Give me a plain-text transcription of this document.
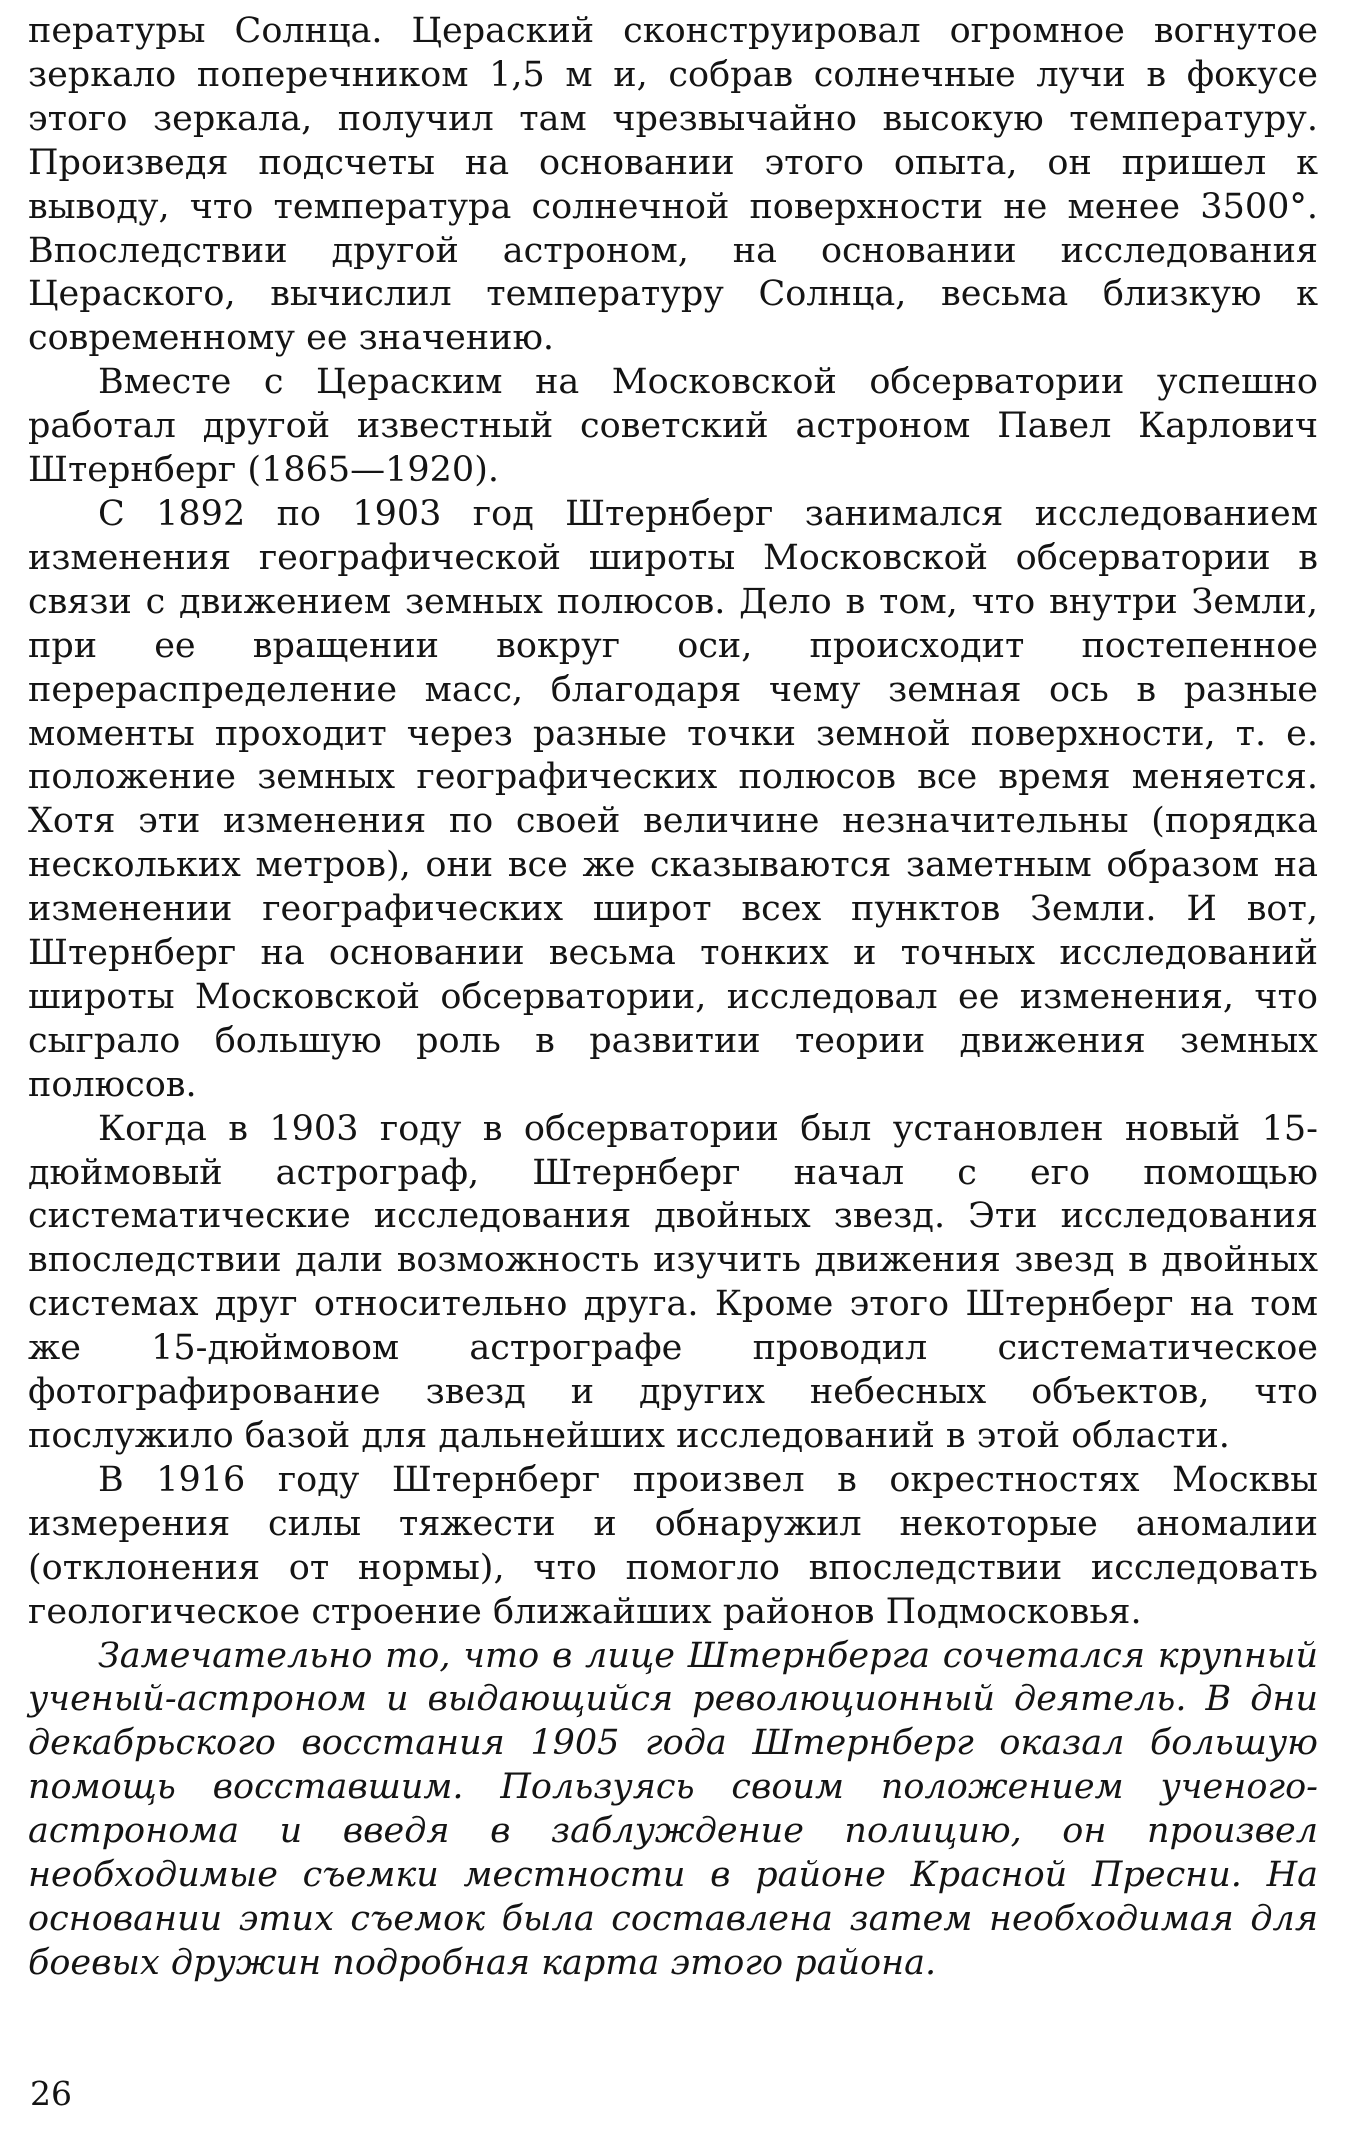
пературы Солнца. Цераский сконструировал огромное вогнутое зеркало поперечником 1,5 м и, собрав солнечные лучи в фокусе этого зеркала, получил там чрезвычайно высокую температуру. Произведя подсчеты на основании этого опыта, он пришел к выводу, что температура солнечной поверхности не менее 3500°. Впоследствии другой астроном, на основании исследования Цераского, вычислил температуру Солнца, весьма близкую к современному ее значению.

Вместе с Цераским на Московской обсерватории успешно работал другой известный советский астроном Павел Карлович Штернберг (1865—1920).

С 1892 по 1903 год Штернберг занимался исследованием изменения географической широты Московской обсерватории в связи с движением земных полюсов. Дело в том, что внутри Земли, при ее вращении вокруг оси, происходит постепенное перераспределение масс, благодаря чему земная ось в разные моменты проходит через разные точки земной поверхности, т. е. положение земных географических полюсов все время меняется. Хотя эти изменения по своей величине незначительны (порядка нескольких метров), они все же сказываются заметным образом на изменении географических широт всех пунктов Земли. И вот, Штернберг на основании весьма тонких и точных исследований широты Московской обсерватории, исследовал ее изменения, что сыграло большую роль в развитии теории движения земных полюсов.

Когда в 1903 году в обсерватории был установлен новый 15-дюймовый астрограф, Штернберг начал с его помощью систематические исследования двойных звезд. Эти исследования впоследствии дали возможность изучить движения звезд в двойных системах друг относительно друга. Кроме этого Штернберг на том же 15-дюймовом астрографе проводил систематическое фотографирование звезд и других небесных объектов, что послужило базой для дальнейших исследований в этой области.

В 1916 году Штернберг произвел в окрестностях Москвы измерения силы тяжести и обнаружил некоторые аномалии (отклонения от нормы), что помогло впоследствии исследовать геологическое строение ближайших районов Подмосковья.

Замечательно то, что в лице Штернберга сочетался крупный ученый-астроном и выдающийся революционный деятель. В дни декабрьского восстания 1905 года Штернберг оказал большую помощь восставшим. Пользуясь своим положением ученого-астронома и введя в заблуждение полицию, он произвел необходимые съемки местности в районе Красной Пресни. На основании этих съемок была составлена затем необходимая для боевых дружин подробная карта этого района.

26
